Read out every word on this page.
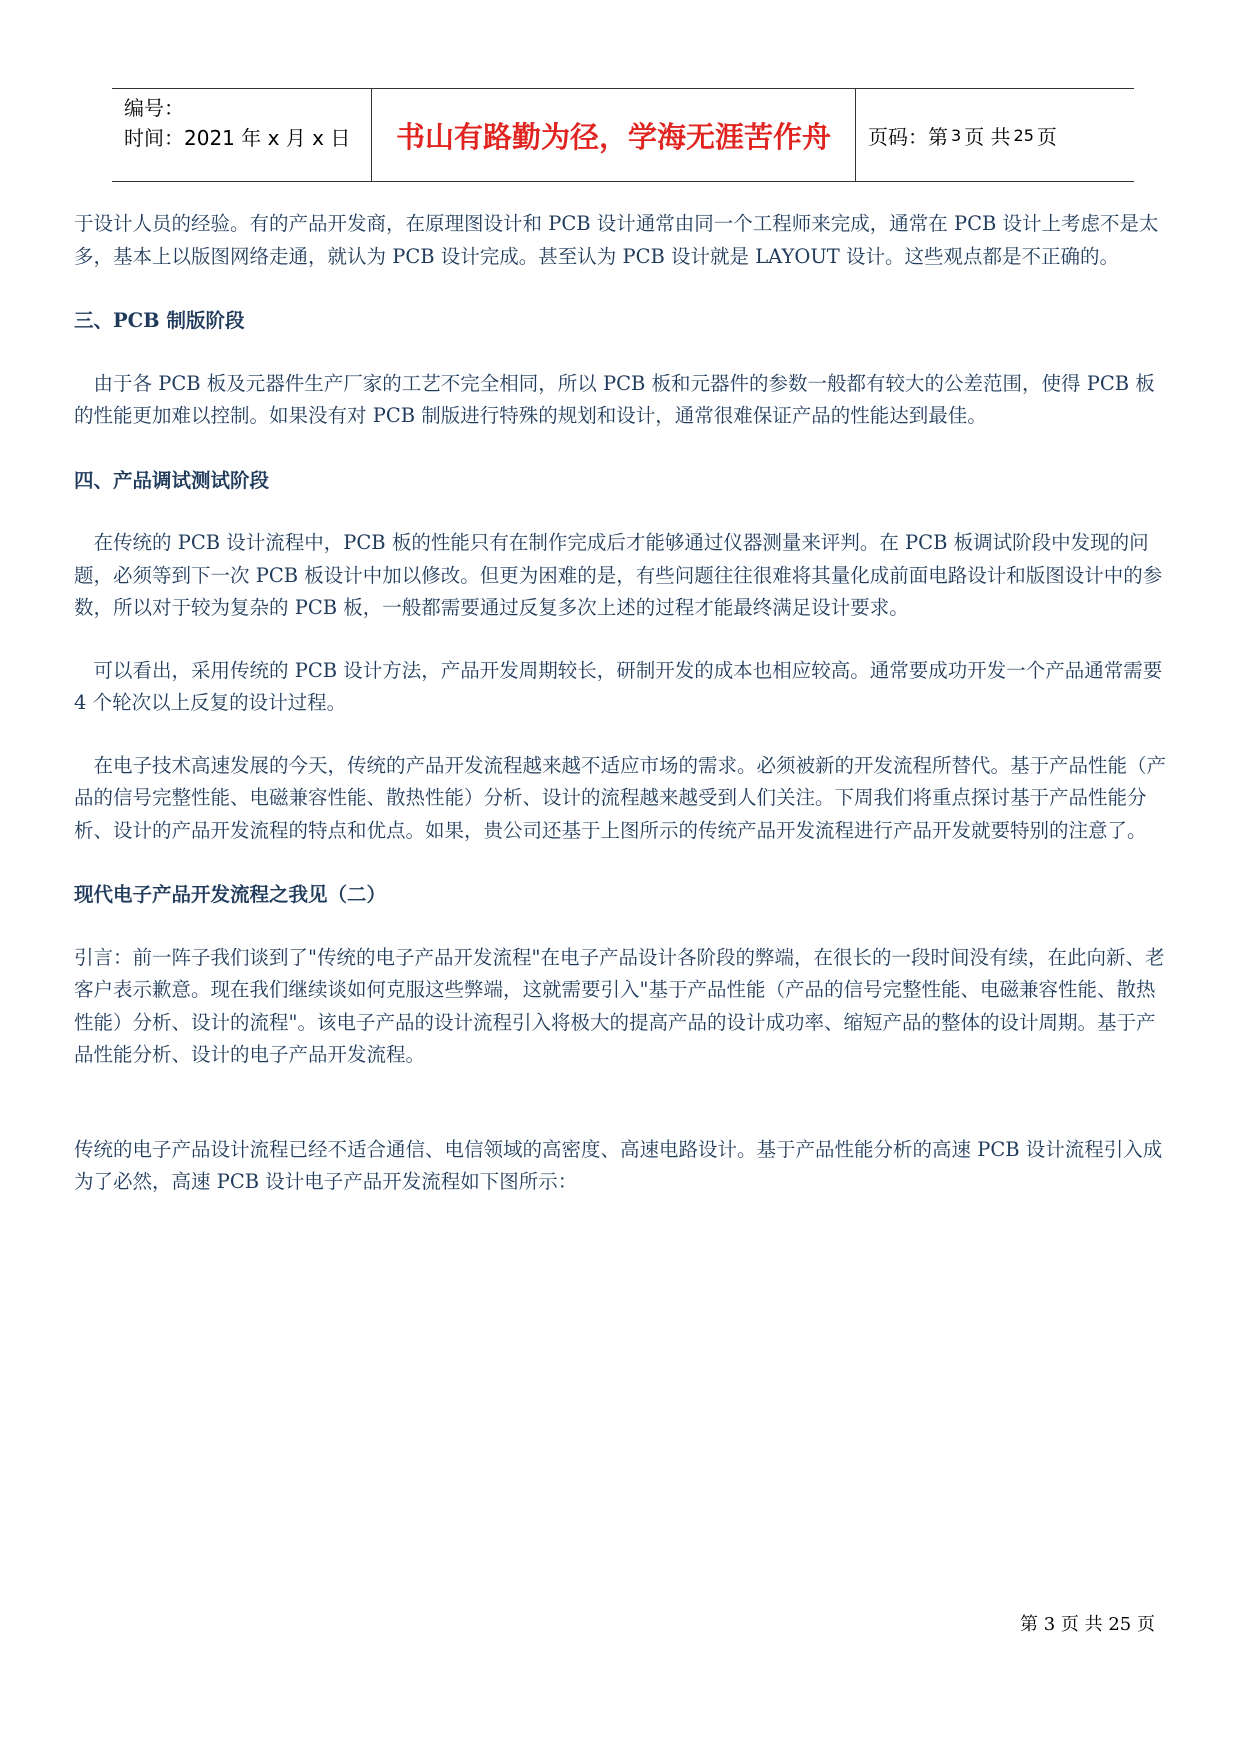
编号：
时间：2021 年 x 月 x 日	书山有路勤为径，学海无涯苦作舟	页码：第 3 页 共 25 页

于设计人员的经验。有的产品开发商，在原理图设计和 PCB 设计通常由同一个工程师来完成，通常在 PCB 设计上考虑不是太多，基本上以版图网络走通，就认为 PCB 设计完成。甚至认为 PCB 设计就是 LAYOUT 设计。这些观点都是不正确的。

三、PCB 制版阶段

　由于各 PCB 板及元器件生产厂家的工艺不完全相同，所以 PCB 板和元器件的参数一般都有较大的公差范围，使得 PCB 板的性能更加难以控制。如果没有对 PCB 制版进行特殊的规划和设计，通常很难保证产品的性能达到最佳。

四、产品调试测试阶段

　在传统的 PCB 设计流程中，PCB 板的性能只有在制作完成后才能够通过仪器测量来评判。在 PCB 板调试阶段中发现的问题，必须等到下一次 PCB 板设计中加以修改。但更为困难的是，有些问题往往很难将其量化成前面电路设计和版图设计中的参数，所以对于较为复杂的 PCB 板，一般都需要通过反复多次上述的过程才能最终满足设计要求。

　可以看出，采用传统的 PCB 设计方法，产品开发周期较长，研制开发的成本也相应较高。通常要成功开发一个产品通常需要 4 个轮次以上反复的设计过程。

　在电子技术高速发展的今天，传统的产品开发流程越来越不适应市场的需求。必须被新的开发流程所替代。基于产品性能（产品的信号完整性能、电磁兼容性能、散热性能）分析、设计的流程越来越受到人们关注。下周我们将重点探讨基于产品性能分析、设计的产品开发流程的特点和优点。如果，贵公司还基于上图所示的传统产品开发流程进行产品开发就要特别的注意了。

现代电子产品开发流程之我见（二）

引言：前一阵子我们谈到了"传统的电子产品开发流程"在电子产品设计各阶段的弊端，在很长的一段时间没有续，在此向新、老客户表示歉意。现在我们继续谈如何克服这些弊端，这就需要引入"基于产品性能（产品的信号完整性能、电磁兼容性能、散热性能）分析、设计的流程"。该电子产品的设计流程引入将极大的提高产品的设计成功率、缩短产品的整体的设计周期。基于产品性能分析、设计的电子产品开发流程。

传统的电子产品设计流程已经不适合通信、电信领域的高密度、高速电路设计。基于产品性能分析的高速 PCB 设计流程引入成为了必然，高速 PCB 设计电子产品开发流程如下图所示：

第 3 页 共 25 页
